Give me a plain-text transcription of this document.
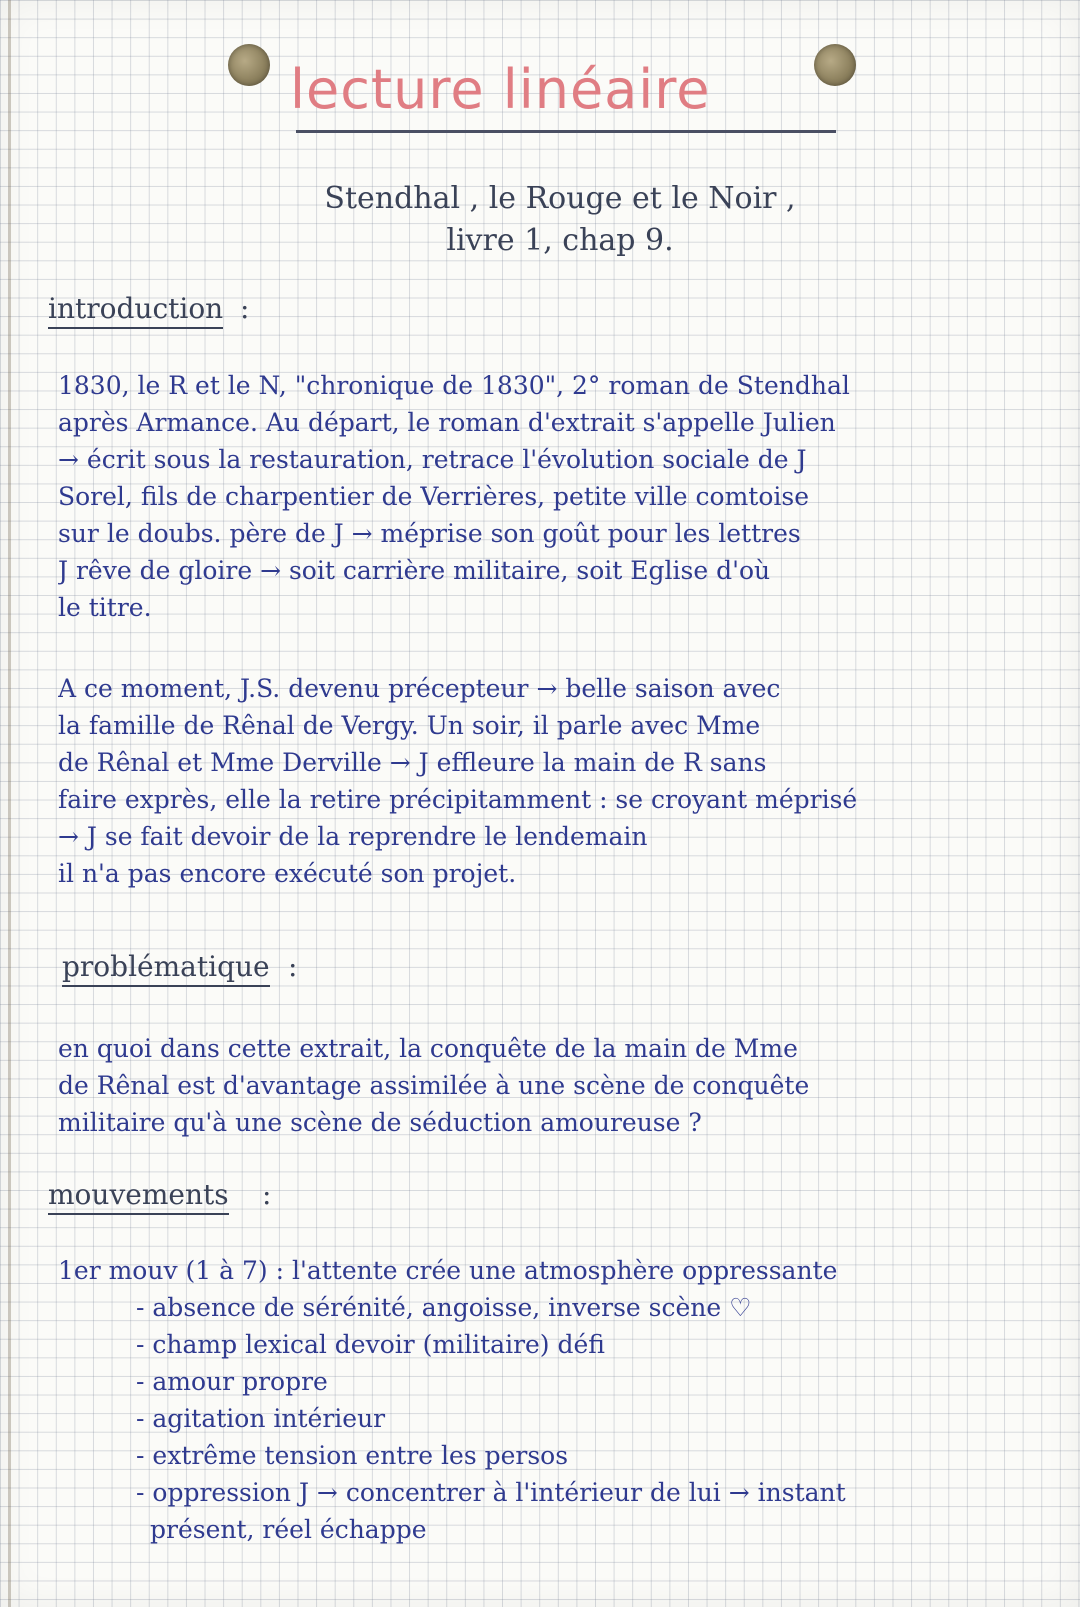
lecture linéaire
Stendhal , le Rouge et le Noir ,
livre 1, chap 9.
introduction :
1830, le R et le N, "chronique de 1830", 2° roman de Stendhal
après Armance. Au départ, le roman d'extrait s'appelle Julien
→ écrit sous la restauration, retrace l'évolution sociale de J
Sorel, fils de charpentier de Verrières, petite ville comtoise
sur le doubs. père de J → méprise son goût pour les lettres
J rêve de gloire → soit carrière militaire, soit Eglise d'où
le titre.
A ce moment, J.S. devenu précepteur → belle saison avec
la famille de Rênal de Vergy. Un soir, il parle avec Mme
de Rênal et Mme Derville → J effleure la main de R sans
faire exprès, elle la retire précipitamment : se croyant méprisé
→ J se fait devoir de la reprendre le lendemain
il n'a pas encore exécuté son projet.
problématique :
en quoi dans cette extrait, la conquête de la main de Mme
de Rênal est d'avantage assimilée à une scène de conquête
militaire qu'à une scène de séduction amoureuse ?
mouvements :
1er mouv (1 à 7) : l'attente crée une atmosphère oppressante
- absence de sérénité, angoisse, inverse scène ♡
- champ lexical devoir (militaire) défi
- amour propre
- agitation intérieur
- extrême tension entre les persos
- oppression J → concentrer à l'intérieur de lui → instant
présent, réel échappe
